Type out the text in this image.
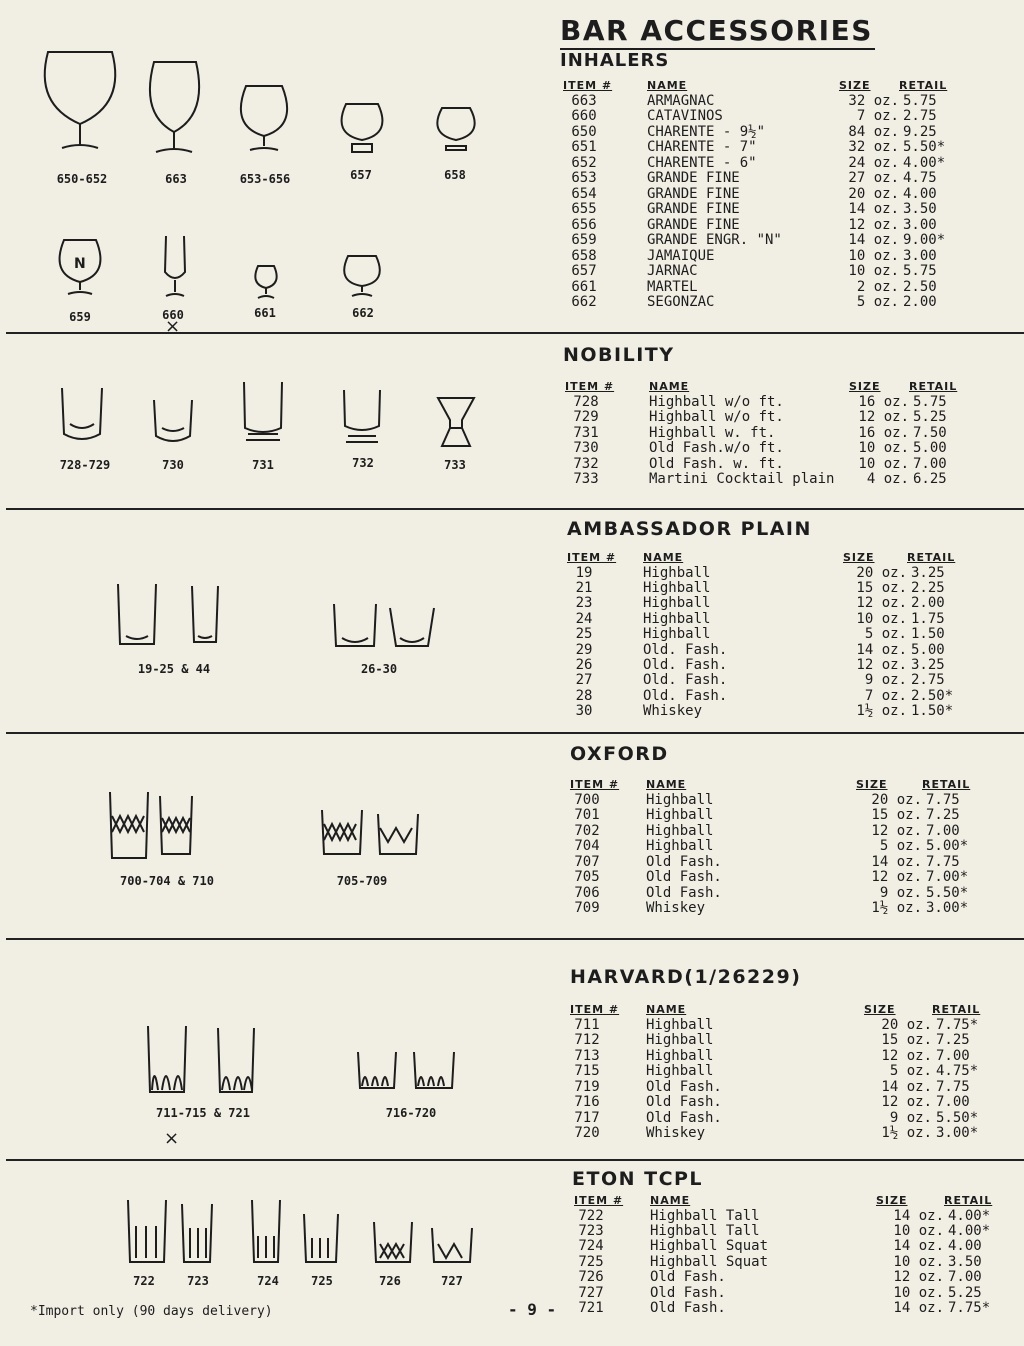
BAR ACCESSORIES
INHALERS
ITEM #	NAME	SIZE	RETAIL
663	ARMAGNAC	32 oz. 5.75
660	CATAVINOS	7 oz. 2.75
650	CHARENTE - 9½"	84 oz. 9.25
651	CHARENTE - 7"	32 oz. 5.50*
652	CHARENTE - 6"	24 oz. 4.00*
653	GRANDE FINE	27 oz. 4.75
654	GRANDE FINE	20 oz. 4.00
655	GRANDE FINE	14 oz. 3.50
656	GRANDE FINE	12 oz. 3.00
659	GRANDE ENGR. "N"	14 oz. 9.00*
658	JAMAIQUE	10 oz. 3.00
657	JARNAC	10 oz. 5.75
661	MARTEL	2 oz. 2.50
662	SEGONZAC	5 oz. 2.00
NOBILITY
ITEM #	NAME	SIZE	RETAIL
728	Highball w/o ft.	16 oz. 5.75
729	Highball w/o ft.	12 oz. 5.25
731	Highball w. ft.	16 oz. 7.50
730	Old Fash.w/o ft.	10 oz. 5.00
732	Old Fash. w. ft.	10 oz. 7.00
733	Martini Cocktail plain	4 oz. 6.25
AMBASSADOR PLAIN
ITEM #	NAME	SIZE	RETAIL
19	Highball	20 oz. 3.25
21	Highball	15 oz. 2.25
23	Highball	12 oz. 2.00
24	Highball	10 oz. 1.75
25	Highball	5 oz. 1.50
29	Old. Fash.	14 oz. 5.00
26	Old. Fash.	12 oz. 3.25
27	Old. Fash.	9 oz. 2.75
28	Old. Fash.	7 oz. 2.50*
30	Whiskey	1½ oz. 1.50*
OXFORD
ITEM #	NAME	SIZE	RETAIL
700	Highball	20 oz. 7.75
701	Highball	15 oz. 7.25
702	Highball	12 oz. 7.00
704	Highball	5 oz. 5.00*
707	Old Fash.	14 oz. 7.75
705	Old Fash.	12 oz. 7.00*
706	Old Fash.	9 oz. 5.50*
709	Whiskey	1½ oz. 3.00*
HARVARD(1/26229)
ITEM #	NAME	SIZE	RETAIL
711	Highball	20 oz. 7.75*
712	Highball	15 oz. 7.25
713	Highball	12 oz. 7.00
715	Highball	5 oz. 4.75*
719	Old Fash.	14 oz. 7.75
716	Old Fash.	12 oz. 7.00
717	Old Fash.	9 oz. 5.50*
720	Whiskey	1½ oz. 3.00*
ETON TCPL
ITEM #	NAME	SIZE	RETAIL
722	Highball Tall	14 oz. 4.00*
723	Highball Tall	10 oz. 4.00*
724	Highball Squat	14 oz. 4.00
725	Highball Squat	10 oz. 3.50
726	Old Fash.	12 oz. 7.00
727	Old Fash.	10 oz. 5.25
721	Old Fash.	14 oz. 7.75*
650-652	663	653-656	657	658
N
659	660
×
661	662
728-729	730	731	732	733
19-25 & 44	26-30
700-704 & 710	705-709
711-715 & 721
×
716-720
722	723	724	725	726	727
*Import only (90 days delivery)	- 9 -
